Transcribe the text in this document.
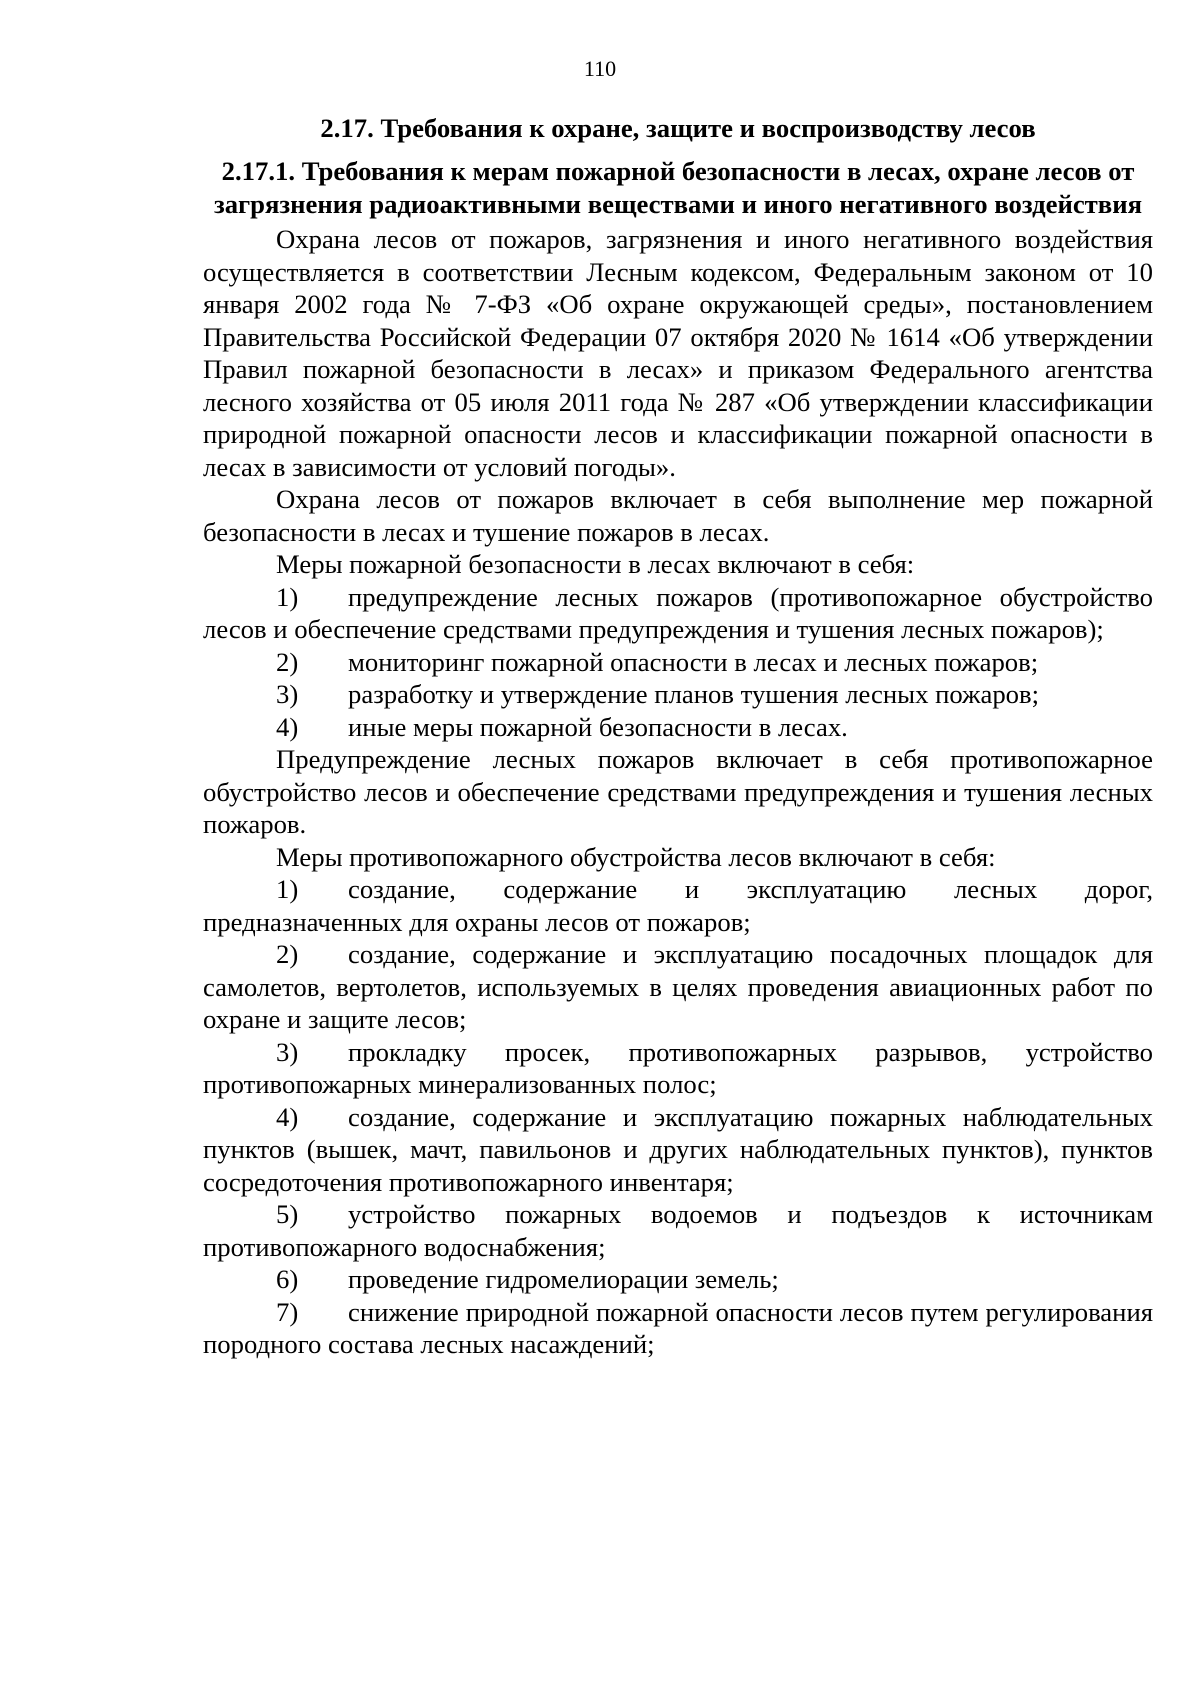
110
2.17. Требования к охране, защите и воспроизводству лесов
2.17.1. Требования к мерам пожарной безопасности в лесах, охране лесов от загрязнения радиоактивными веществами и иного негативного воздействия

Охрана лесов от пожаров, загрязнения и иного негативного воздействия осуществляется в соответствии Лесным кодексом, Федеральным законом от 10 января 2002 года № 7-ФЗ «Об охране окружающей среды», постановлением Правительства Российской Федерации 07 октября 2020 № 1614 «Об утверждении Правил пожарной безопасности в лесах» и приказом Федерального агентства лесного хозяйства от 05 июля 2011 года № 287 «Об утверждении классификации природной пожарной опасности лесов и классификации пожарной опасности в лесах в зависимости от условий погоды».

Охрана лесов от пожаров включает в себя выполнение мер пожарной безопасности в лесах и тушение пожаров в лесах.

Меры пожарной безопасности в лесах включают в себя:

1) предупреждение лесных пожаров (противопожарное обустройство лесов и обеспечение средствами предупреждения и тушения лесных пожаров);

2) мониторинг пожарной опасности в лесах и лесных пожаров;

3) разработку и утверждение планов тушения лесных пожаров;

4) иные меры пожарной безопасности в лесах.

Предупреждение лесных пожаров включает в себя противопожарное обустройство лесов и обеспечение средствами предупреждения и тушения лесных пожаров.

Меры противопожарного обустройства лесов включают в себя:

1) создание, содержание и эксплуатацию лесных дорог, предназначенных для охраны лесов от пожаров;

2) создание, содержание и эксплуатацию посадочных площадок для самолетов, вертолетов, используемых в целях проведения авиационных работ по охране и защите лесов;

3) прокладку просек, противопожарных разрывов, устройство противопожарных минерализованных полос;

4) создание, содержание и эксплуатацию пожарных наблюдательных пунктов (вышек, мачт, павильонов и других наблюдательных пунктов), пунктов сосредоточения противопожарного инвентаря;

5) устройство пожарных водоемов и подъездов к источникам противопожарного водоснабжения;

6) проведение гидромелиорации земель;

7) снижение природной пожарной опасности лесов путем регулирования породного состава лесных насаждений;
